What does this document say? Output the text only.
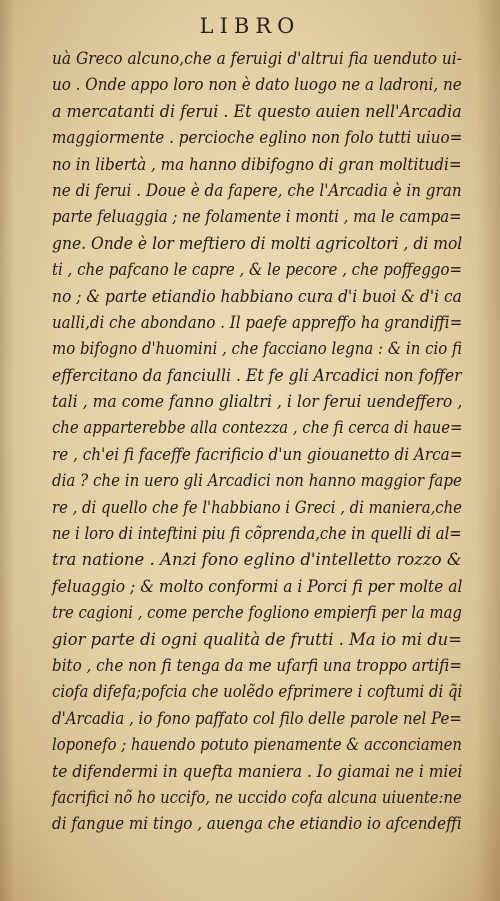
LIBRO
uà Greco alcuno,che a feruigi d'altrui fia uenduto ui-
uo . Onde appo loro non è dato luogo ne a ladroni, ne
a mercatanti di ferui . Et questo auien nell'Arcadia
maggiormente . percioche eglino non folo tutti uiuo=
no in libertà , ma hanno dibifogno di gran moltitudi=
ne di ferui . Doue è da fapere, che l'Arcadia è in gran
parte feluaggia ; ne folamente i monti , ma le campa=
gne. Onde è lor meftiero di molti agricoltori , di mol
ti , che pafcano le capre , & le pecore , che poffeggo=
no ; & parte etiandio habbiano cura d'i buoi & d'i ca
ualli,di che abondano . Il paefe appreffo ha grandiffi=
mo bifogno d'huomini , che facciano legna : & in cio fi
effercitano da fanciulli . Et fe gli Arcadici non foffer
tali , ma come fanno glialtri , i lor ferui uendeffero ,
che apparterebbe alla contezza , che fi cerca di haue=
re , ch'ei fi faceffe facrificio d'un giouanetto di Arca=
dia ? che in uero gli Arcadici non hanno maggior fape
re , di quello che fe l'habbiano i Greci , di maniera,che
ne i loro di inteftini piu fi cõprenda,che in quelli di al=
tra natione . Anzi fono eglino d'intelletto rozzo &
feluaggio ; & molto conformi a i Porci fi per molte al
tre cagioni , come perche fogliono empierfi per la mag
gior parte di ogni qualità de frutti . Ma io mi du=
bito , che non fi tenga da me ufarfi una troppo artifi=
ciofa difefa;pofcia che uolẽdo efprimere i coftumi di q̃i
d'Arcadia , io fono paffato col filo delle parole nel Pe=
loponefo ; hauendo potuto pienamente & acconciamen
te difendermi in quefta maniera . Io giamai ne i miei
facrifici nõ ho uccifo, ne uccido cofa alcuna uiuente:ne
di fangue mi tingo , auenga che etiandio io afcendeffi
